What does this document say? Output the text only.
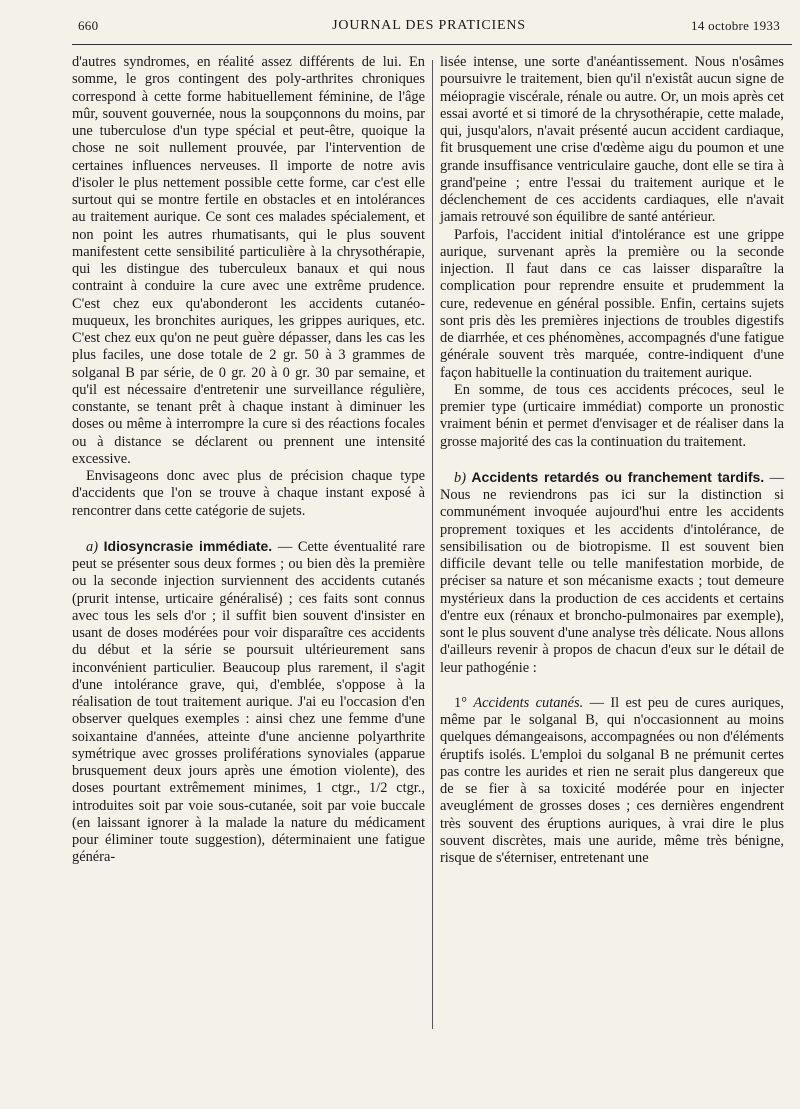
660	JOURNAL DES PRATICIENS	14 octobre 1933

d'autres syndromes, en réalité assez différents de lui. En somme, le gros contingent des poly-arthrites chroniques correspond à cette forme habituellement féminine, de l'âge mûr, souvent gouvernée, nous la soupçonnons du moins, par une tuberculose d'un type spécial et peut-être, quoique la chose ne soit nullement prouvée, par l'intervention de certaines influences nerveuses. Il importe de notre avis d'isoler le plus nettement possible cette forme, car c'est elle surtout qui se montre fertile en obstacles et en intolérances au traitement aurique. Ce sont ces malades spécialement, et non point les autres rhumatisants, qui le plus souvent manifestent cette sensibilité particulière à la chrysothérapie, qui les distingue des tuberculeux banaux et qui nous contraint à conduire la cure avec une extrême prudence. C'est chez eux qu'abonderont les accidents cutanéo-muqueux, les bronchites auriques, les grippes auriques, etc. C'est chez eux qu'on ne peut guère dépasser, dans les cas les plus faciles, une dose totale de 2 gr. 50 à 3 grammes de solganal B par série, de 0 gr. 20 à 0 gr. 30 par semaine, et qu'il est nécessaire d'entretenir une surveillance régulière, constante, se tenant prêt à chaque instant à diminuer les doses ou même à interrompre la cure si des réactions focales ou à distance se déclarent ou prennent une intensité excessive.

Envisageons donc avec plus de précision chaque type d'accidents que l'on se trouve à chaque instant exposé à rencontrer dans cette catégorie de sujets.

a) Idiosyncrasie immédiate. — Cette éventualité rare peut se présenter sous deux formes ; ou bien dès la première ou la seconde injection surviennent des accidents cutanés (prurit intense, urticaire généralisé) ; ces faits sont connus avec tous les sels d'or ; il suffit bien souvent d'insister en usant de doses modérées pour voir disparaître ces accidents du début et la série se poursuit ultérieurement sans inconvénient particulier. Beaucoup plus rarement, il s'agit d'une intolérance grave, qui, d'emblée, s'oppose à la réalisation de tout traitement aurique. J'ai eu l'occasion d'en observer quelques exemples : ainsi chez une femme d'une soixantaine d'années, atteinte d'une ancienne polyarthrite symétrique avec grosses proliférations synoviales (apparue brusquement deux jours après une émotion violente), des doses pourtant extrêmement minimes, 1 ctgr., 1/2 ctgr., introduites soit par voie sous-cutanée, soit par voie buccale (en laissant ignorer à la malade la nature du médicament pour éliminer toute suggestion), déterminaient une fatigue généra-

lisée intense, une sorte d'anéantissement. Nous n'osâmes poursuivre le traitement, bien qu'il n'existât aucun signe de méiopragie viscérale, rénale ou autre. Or, un mois après cet essai avorté et si timoré de la chrysothérapie, cette malade, qui, jusqu'alors, n'avait présenté aucun accident cardiaque, fit brusquement une crise d'œdème aigu du poumon et une grande insuffisance ventriculaire gauche, dont elle se tira à grand'peine ; entre l'essai du traitement aurique et le déclenchement de ces accidents cardiaques, elle n'avait jamais retrouvé son équilibre de santé antérieur.

Parfois, l'accident initial d'intolérance est une grippe aurique, survenant après la première ou la seconde injection. Il faut dans ce cas laisser disparaître la complication pour reprendre ensuite et prudemment la cure, redevenue en général possible. Enfin, certains sujets sont pris dès les premières injections de troubles digestifs de diarrhée, et ces phénomènes, accompagnés d'une fatigue générale souvent très marquée, contre-indiquent d'une façon habituelle la continuation du traitement aurique.

En somme, de tous ces accidents précoces, seul le premier type (urticaire immédiat) comporte un pronostic vraiment bénin et permet d'envisager et de réaliser dans la grosse majorité des cas la continuation du traitement.

b) Accidents retardés ou franchement tardifs. — Nous ne reviendrons pas ici sur la distinction si communément invoquée aujourd'hui entre les accidents proprement toxiques et les accidents d'intolérance, de sensibilisation ou de biotropisme. Il est souvent bien difficile devant telle ou telle manifestation morbide, de préciser sa nature et son mécanisme exacts ; tout demeure mystérieux dans la production de ces accidents et certains d'entre eux (rénaux et broncho-pulmonaires par exemple), sont le plus souvent d'une analyse très délicate. Nous allons d'ailleurs revenir à propos de chacun d'eux sur le détail de leur pathogénie :

1° Accidents cutanés. — Il est peu de cures auriques, même par le solganal B, qui n'occasionnent au moins quelques démangeaisons, accompagnées ou non d'éléments éruptifs isolés. L'emploi du solganal B ne prémunit certes pas contre les aurides et rien ne serait plus dangereux que de se fier à sa toxicité modérée pour en injecter aveuglément de grosses doses ; ces dernières engendrent très souvent des éruptions auriques, à vrai dire le plus souvent discrètes, mais une auride, même très bénigne, risque de s'éterniser, entretenant une
